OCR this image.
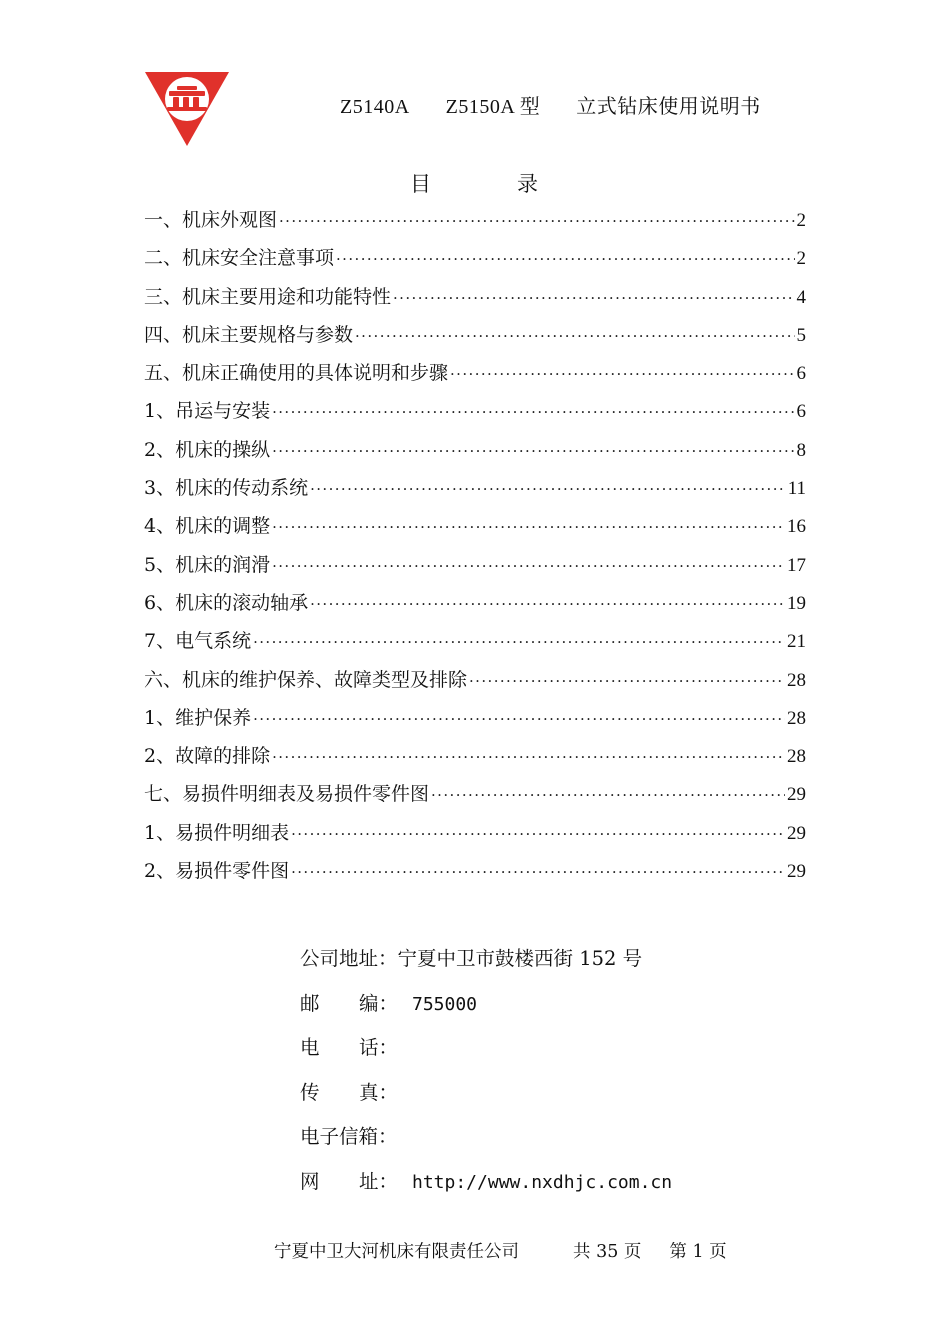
Z5140A Z5150A 型 立式钻床使用说明书
目	录
一、机床外观图 ·····	2
二、机床安全注意事项 ·····	2
三、机床主要用途和功能特性 ·····	4
四、机床主要规格与参数 ·····	5
五、机床正确使用的具体说明和步骤 ·····	6
1、吊运与安装 ·····	6
2、机床的操纵 ·····	8
3、机床的传动系统 ·····	11
4、机床的调整 ·····	16
5、机床的润滑 ·····	17
6、机床的滚动轴承 ·····	19
7、电气系统 ·····	21
六、机床的维护保养、故障类型及排除 ·····	28
1、维护保养 ·····	28
2、故障的排除 ·····	28
七、易损件明细表及易损件零件图 ·····	29
1、易损件明细表 ·····	29
2、易损件零件图 ·····	29
公司地址： 宁夏中卫市鼓楼西街 152 号
邮 编： 755000
电 话：
传 真：
电子信箱：
网 址： http://www.nxdhjc.com.cn
宁夏中卫大河机床有限责任公司	共 35 页 第 1 页
